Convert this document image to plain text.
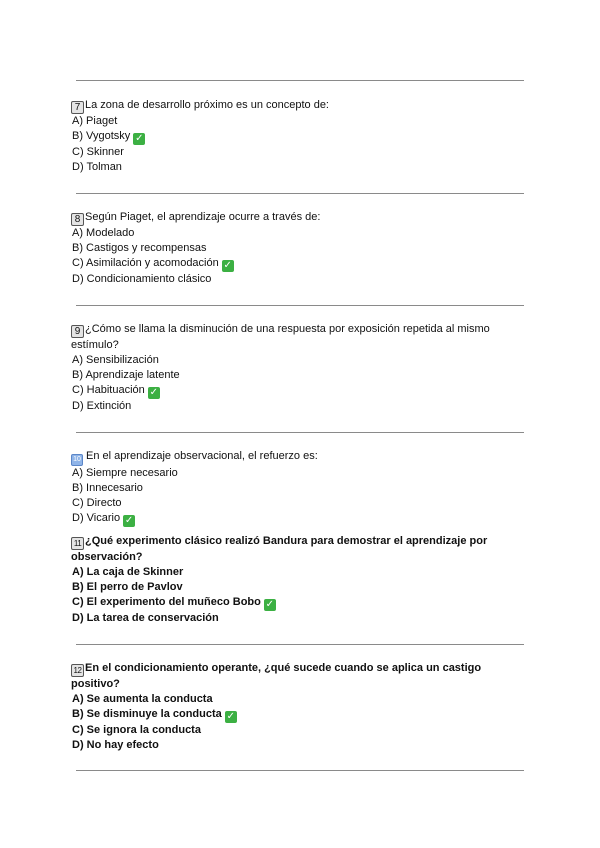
7 La zona de desarrollo próximo es un concepto de:
A) Piaget
B) Vygotsky ✓
C) Skinner
D) Tolman
8 Según Piaget, el aprendizaje ocurre a través de:
A) Modelado
B) Castigos y recompensas
C) Asimilación y acomodación ✓
D) Condicionamiento clásico
9 ¿Cómo se llama la disminución de una respuesta por exposición repetida al mismo estímulo?
A) Sensibilización
B) Aprendizaje latente
C) Habituación ✓
D) Extinción
10 En el aprendizaje observacional, el refuerzo es:
A) Siempre necesario
B) Innecesario
C) Directo
D) Vicario ✓
11 ¿Qué experimento clásico realizó Bandura para demostrar el aprendizaje por observación?
A) La caja de Skinner
B) El perro de Pavlov
C) El experimento del muñeco Bobo ✓
D) La tarea de conservación
12 En el condicionamiento operante, ¿qué sucede cuando se aplica un castigo positivo?
A) Se aumenta la conducta
B) Se disminuye la conducta ✓
C) Se ignora la conducta
D) No hay efecto
